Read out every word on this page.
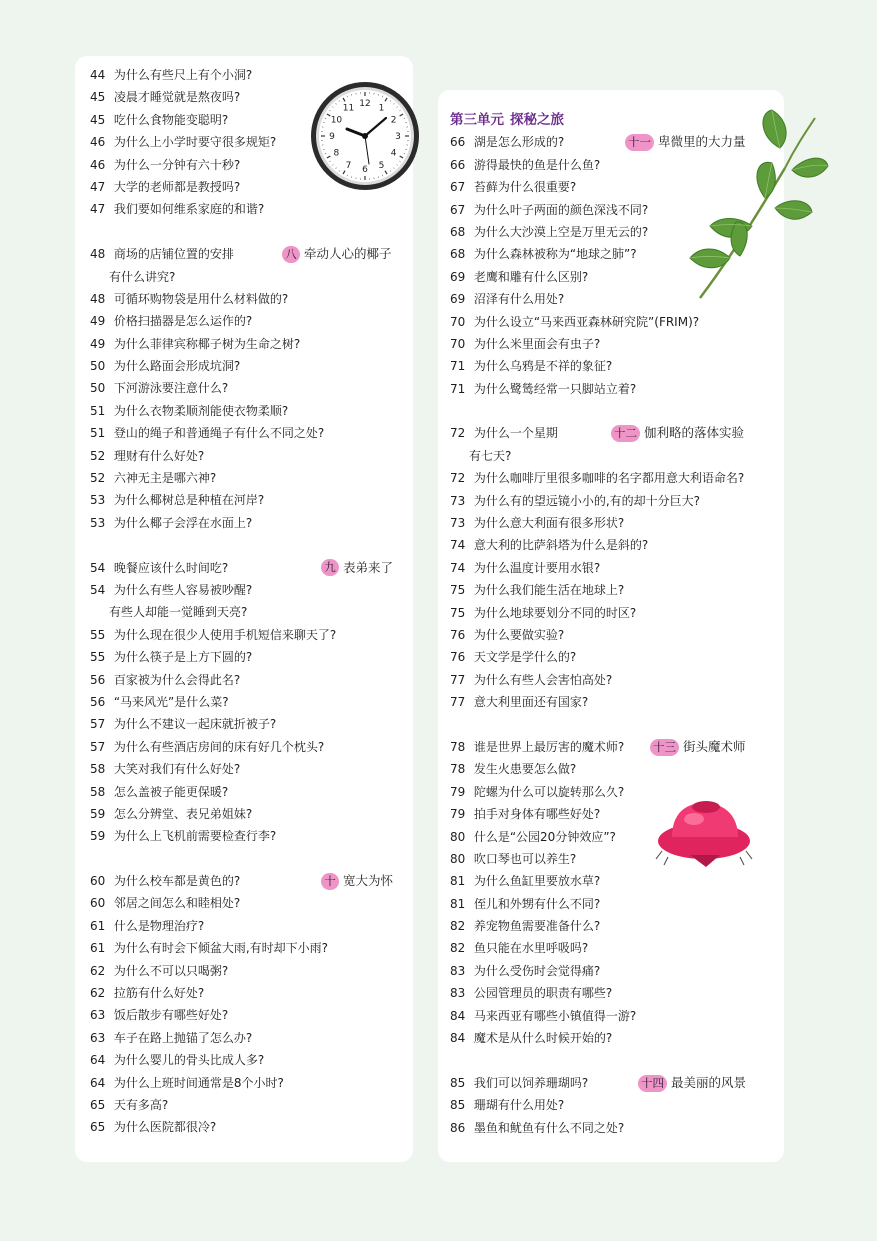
44 为什么有些尺上有个小洞?
45 凌晨才睡觉就是熬夜吗?
45 吃什么食物能变聪明?
46 为什么上小学时要守很多规矩?
46 为什么一分钟有六十秒?
47 大学的老师都是教授吗?
47 我们要如何维系家庭的和谐?
48 商场的店铺位置的安排	八 牵动人心的椰子
有什么讲究?
48 可循环购物袋是用什么材料做的?
49 价格扫描器是怎么运作的?
49 为什么菲律宾称椰子树为生命之树?
50 为什么路面会形成坑洞?
50 下河游泳要注意什么?
51 为什么衣物柔顺剂能使衣物柔顺?
51 登山的绳子和普通绳子有什么不同之处?
52 理财有什么好处?
52 六神无主是哪六神?
53 为什么椰树总是种植在河岸?
53 为什么椰子会浮在水面上?
54 晚餐应该什么时间吃?	九 表弟来了
54 为什么有些人容易被吵醒?
有些人却能一觉睡到天亮?
55 为什么现在很少人使用手机短信来聊天了?
55 为什么筷子是上方下圆的?
56 百家被为什么会得此名?
56 “马来风光”是什么菜?
57 为什么不建议一起床就折被子?
57 为什么有些酒店房间的床有好几个枕头?
58 大笑对我们有什么好处?
58 怎么盖被子能更保暖?
59 怎么分辨堂、表兄弟姐妹?
59 为什么上飞机前需要检查行李?
60 为什么校车都是黄色的?	十 宽大为怀
60 邻居之间怎么和睦相处?
61 什么是物理治疗?
61 为什么有时会下倾盆大雨,有时却下小雨?
62 为什么不可以只喝粥?
62 拉筋有什么好处?
63 饭后散步有哪些好处?
63 车子在路上抛锚了怎么办?
64 为什么婴儿的骨头比成人多?
64 为什么上班时间通常是8个小时?
65 天有多高?
65 为什么医院都很冷?
第三单元 探秘之旅
66 湖是怎么形成的?	十一 卑微里的大力量
66 游得最快的鱼是什么鱼?
67 苔藓为什么很重要?
67 为什么叶子两面的颜色深浅不同?
68 为什么大沙漠上空是万里无云的?
68 为什么森林被称为“地球之肺”?
69 老鹰和雕有什么区别?
69 沼泽有什么用处?
70 为什么设立“马来西亚森林研究院”(FRIM)?
70 为什么米里面会有虫子?
71 为什么乌鸦是不祥的象征?
71 为什么鹭鸶经常一只脚站立着?
72 为什么一个星期	十二 伽利略的落体实验
有七天?
72 为什么咖啡厅里很多咖啡的名字都用意大利语命名?
73 为什么有的望远镜小小的,有的却十分巨大?
73 为什么意大利面有很多形状?
74 意大利的比萨斜塔为什么是斜的?
74 为什么温度计要用水银?
75 为什么我们能生活在地球上?
75 为什么地球要划分不同的时区?
76 为什么要做实验?
76 天文学是学什么的?
77 为什么有些人会害怕高处?
77 意大利里面还有国家?
78 谁是世界上最厉害的魔术师?	十三 街头魔术师
78 发生火患要怎么做?
79 陀螺为什么可以旋转那么久?
79 拍手对身体有哪些好处?
80 什么是“公园20分钟效应”?
80 吹口琴也可以养生?
81 为什么鱼缸里要放水草?
81 侄儿和外甥有什么不同?
82 养宠物鱼需要准备什么?
82 鱼只能在水里呼吸吗?
83 为什么受伤时会觉得痛?
83 公园管理员的职责有哪些?
84 马来西亚有哪些小镇值得一游?
84 魔术是从什么时候开始的?
85 我们可以饲养珊瑚吗?	十四 最美丽的风景
85 珊瑚有什么用处?
86 墨鱼和鱿鱼有什么不同之处?
12 1
2
3
4
5
6
7
8
9
10
11
